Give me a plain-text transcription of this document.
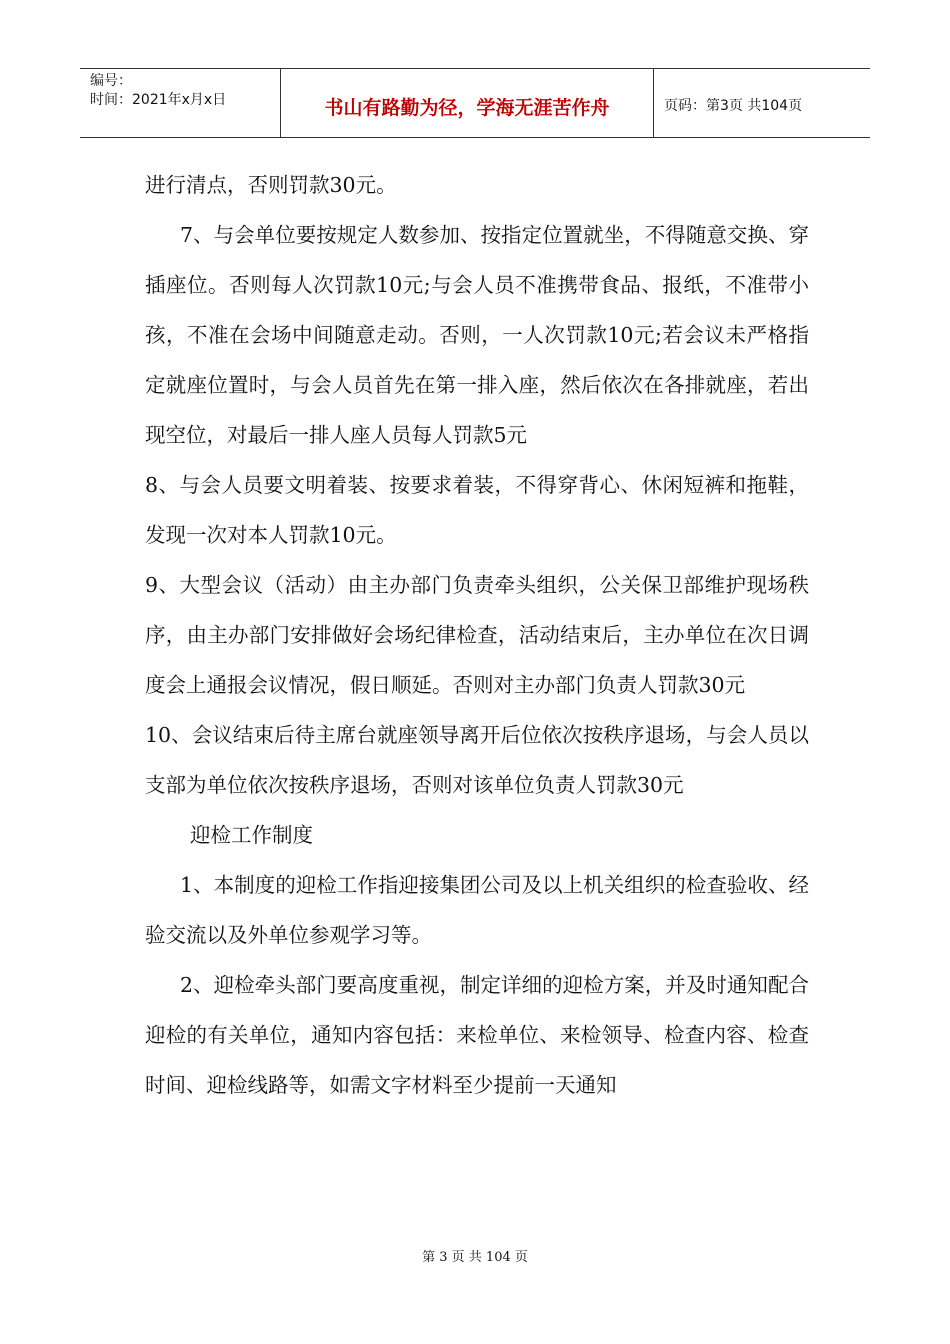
编号：
时间：2021年x月x日	书山有路勤为径，学海无涯苦作舟	页码：第3页 共104页

进行清点，否则罚款30元。

7、与会单位要按规定人数参加、按指定位置就坐，不得随意交换、穿插座位。否则每人次罚款10元;与会人员不准携带食品、报纸，不准带小孩，不准在会场中间随意走动。否则，一人次罚款10元;若会议未严格指定就座位置时，与会人员首先在第一排入座，然后依次在各排就座，若出现空位，对最后一排人座人员每人罚款5元

8、与会人员要文明着装、按要求着装，不得穿背心、休闲短裤和拖鞋，发现一次对本人罚款10元。

9、大型会议（活动）由主办部门负责牵头组织，公关保卫部维护现场秩序，由主办部门安排做好会场纪律检查，活动结束后，主办单位在次日调度会上通报会议情况，假日顺延。否则对主办部门负责人罚款30元

10、会议结束后待主席台就座领导离开后位依次按秩序退场，与会人员以支部为单位依次按秩序退场，否则对该单位负责人罚款30元

迎检工作制度

1、本制度的迎检工作指迎接集团公司及以上机关组织的检查验收、经验交流以及外单位参观学习等。

2、迎检牵头部门要高度重视，制定详细的迎检方案，并及时通知配合迎检的有关单位，通知内容包括：来检单位、来检领导、检查内容、检查时间、迎检线路等，如需文字材料至少提前一天通知

第 3 页 共 104 页
